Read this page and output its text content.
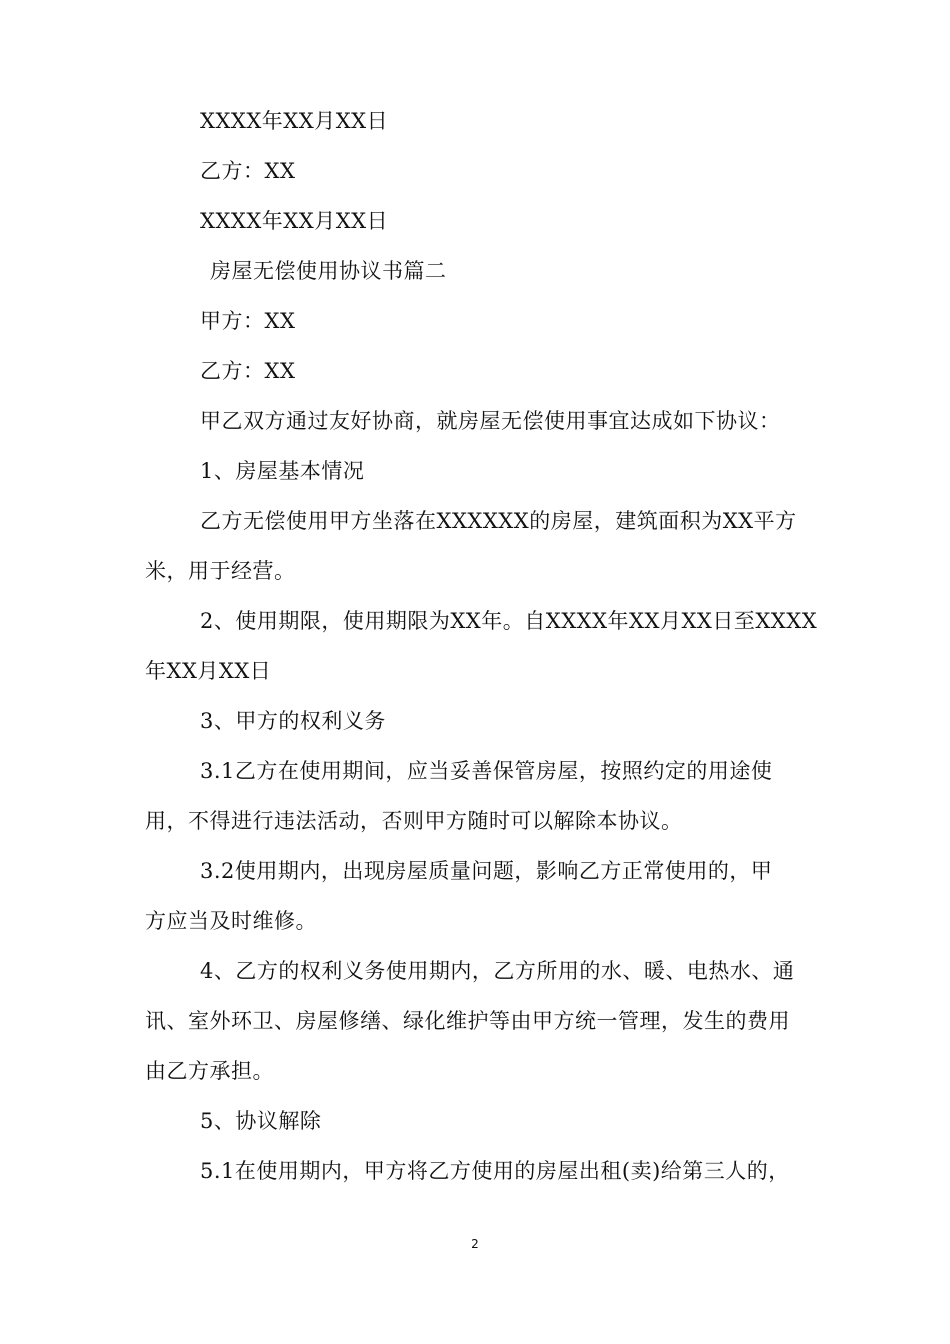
XXXX年XX月XX日
乙方：XX
XXXX年XX月XX日
房屋无偿使用协议书篇二
甲方：XX
乙方：XX
甲乙双方通过友好协商，就房屋无偿使用事宜达成如下协议：
1、房屋基本情况
乙方无偿使用甲方坐落在XXXXXX的房屋，建筑面积为XX平方
米，用于经营。
2、使用期限，使用期限为XX年。自XXXX年XX月XX日至XXXX
年XX月XX日
3、甲方的权利义务
3.1乙方在使用期间，应当妥善保管房屋，按照约定的用途使
用，不得进行违法活动，否则甲方随时可以解除本协议。
3.2使用期内，出现房屋质量问题，影响乙方正常使用的，甲
方应当及时维修。
4、乙方的权利义务使用期内，乙方所用的水、暖、电热水、通
讯、室外环卫、房屋修缮、绿化维护等由甲方统一管理，发生的费用
由乙方承担。
5、协议解除
5.1在使用期内，甲方将乙方使用的房屋出租(卖)给第三人的，
2
